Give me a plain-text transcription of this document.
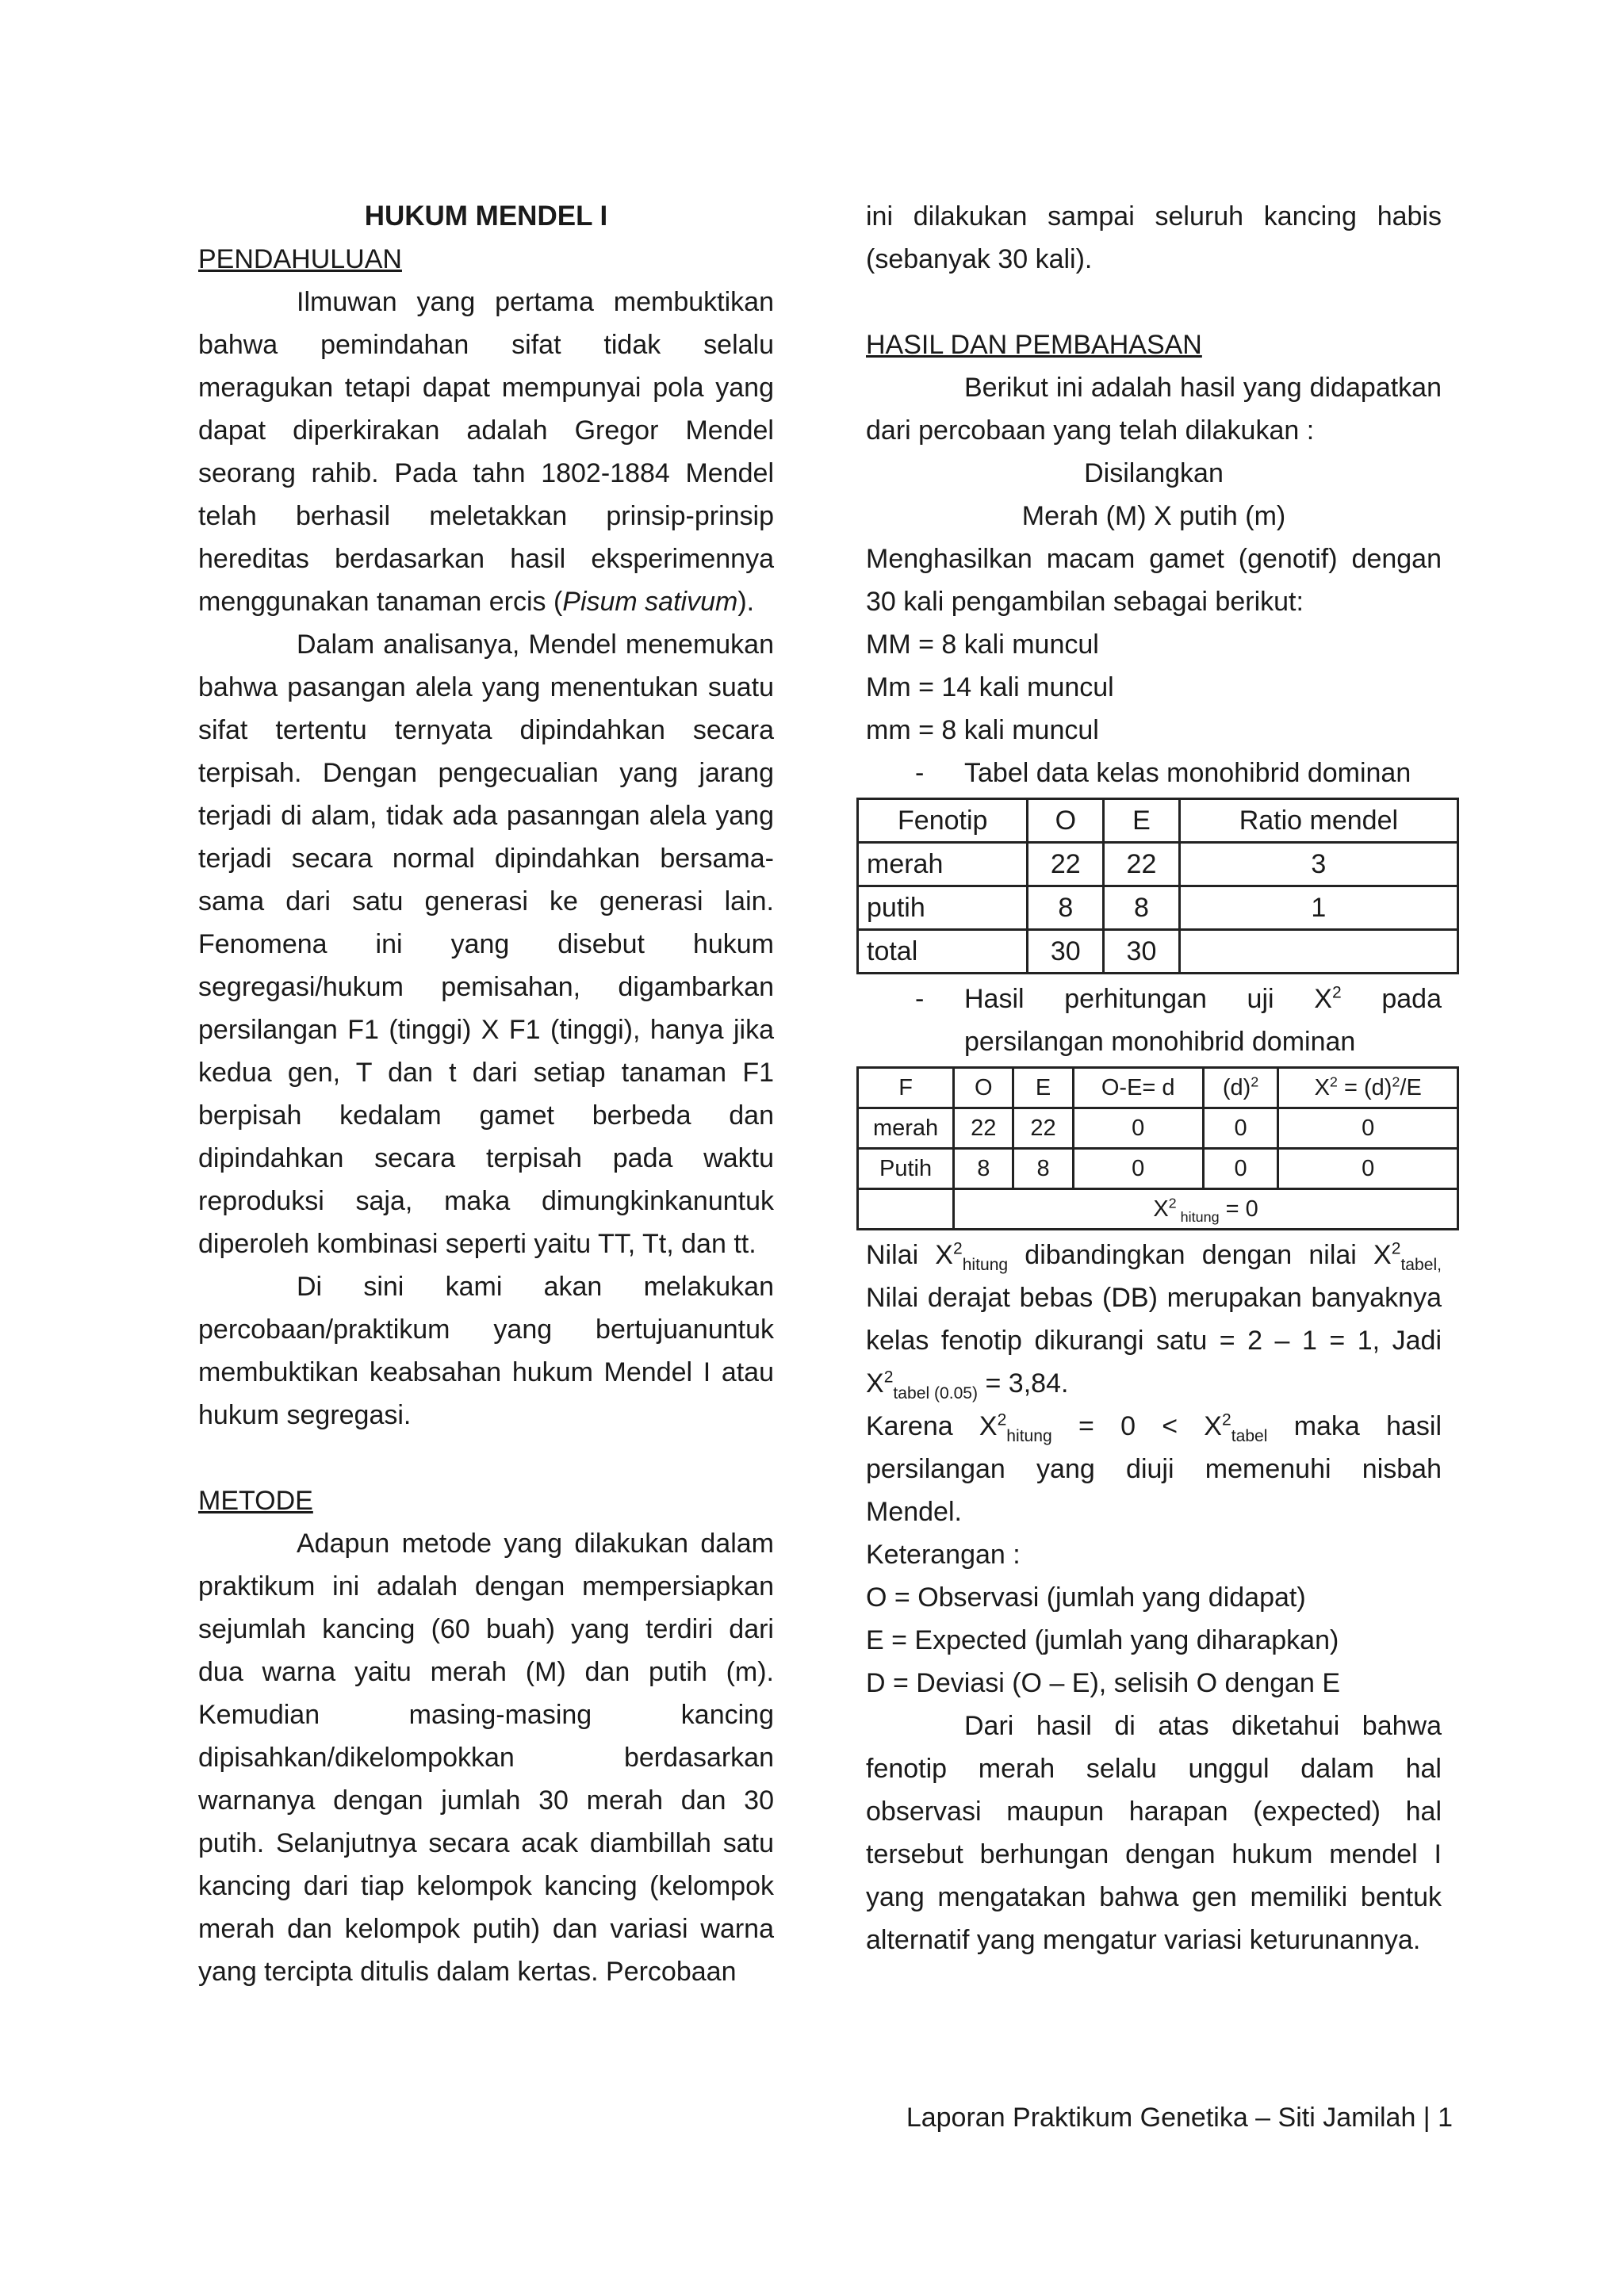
HUKUM MENDEL I

PENDAHULUAN

Ilmuwan yang pertama membuktikan bahwa pemindahan sifat tidak selalu meragukan tetapi dapat mempunyai pola yang dapat diperkirakan adalah Gregor Mendel seorang rahib. Pada tahn 1802-1884 Mendel telah berhasil meletakkan prinsip-prinsip hereditas berdasarkan hasil eksperimennya menggunakan tanaman ercis (Pisum sativum).

Dalam analisanya, Mendel menemukan bahwa pasangan alela yang menentukan suatu sifat tertentu ternyata dipindahkan secara terpisah. Dengan pengecualian yang jarang terjadi di alam, tidak ada pasanngan alela yang terjadi secara normal dipindahkan bersama-sama dari satu generasi ke generasi lain. Fenomena ini yang disebut hukum segregasi/hukum pemisahan, digambarkan persilangan F1 (tinggi) X F1 (tinggi), hanya jika kedua gen, T dan t dari setiap tanaman F1 berpisah kedalam gamet berbeda dan dipindahkan secara terpisah pada waktu reproduksi saja, maka dimungkinkanuntuk diperoleh kombinasi seperti yaitu TT, Tt, dan tt.

Di sini kami akan melakukan percobaan/praktikum yang bertujuanuntuk membuktikan keabsahan hukum Mendel I atau hukum segregasi.

METODE

Adapun metode yang dilakukan dalam praktikum ini adalah dengan mempersiapkan sejumlah kancing (60 buah) yang terdiri dari dua warna yaitu merah (M) dan putih (m). Kemudian masing-masing kancing dipisahkan/dikelompokkan berdasarkan warnanya dengan jumlah 30 merah dan 30 putih. Selanjutnya secara acak diambillah satu kancing dari tiap kelompok kancing (kelompok merah dan kelompok putih) dan variasi warna yang tercipta ditulis dalam kertas. Percobaan

ini dilakukan sampai seluruh kancing habis (sebanyak 30 kali).

HASIL DAN PEMBAHASAN

Berikut ini adalah hasil yang didapatkan dari percobaan yang telah dilakukan :

Disilangkan

Merah (M) X putih (m)

Menghasilkan macam gamet (genotif) dengan 30 kali pengambilan sebagai berikut:

MM = 8 kali muncul

Mm = 14 kali muncul

mm = 8 kali muncul

- Tabel data kelas monohibrid dominan

Fenotip	O	E	Ratio mendel
merah	22	22	3
putih	8	8	1
total	30	30	

- Hasil perhitungan uji $X^2$ pada persilangan monohibrid dominan

F	O	E	O-E= d	$(d)^2$	$X^2 = (d)^2/E$
merah	22	22	0	0	0
Putih	8	8	0	0	0
	$X^2$ $_{hitung}$ = 0				

Nilai $X^2_{hitung}$ dibandingkan dengan nilai $X^2_{tabel,}$ Nilai derajat bebas (DB) merupakan banyaknya kelas fenotip dikurangi satu = 2 – 1 = 1, Jadi $X^2_{tabel (0.05)} = 3,84$.

Karena $X^2_{hitung} = 0 < X^2_{tabel}$ maka hasil persilangan yang diuji memenuhi nisbah Mendel.

Keterangan :

O = Observasi (jumlah yang didapat)

E = Expected (jumlah yang diharapkan)

D = Deviasi (O – E), selisih O dengan E

Dari hasil di atas diketahui bahwa fenotip merah selalu unggul dalam hal observasi maupun harapan (expected) hal tersebut berhungan dengan hukum mendel I yang mengatakan bahwa gen memiliki bentuk alternatif yang mengatur variasi keturunannya.

Laporan Praktikum Genetika – Siti Jamilah | 1
